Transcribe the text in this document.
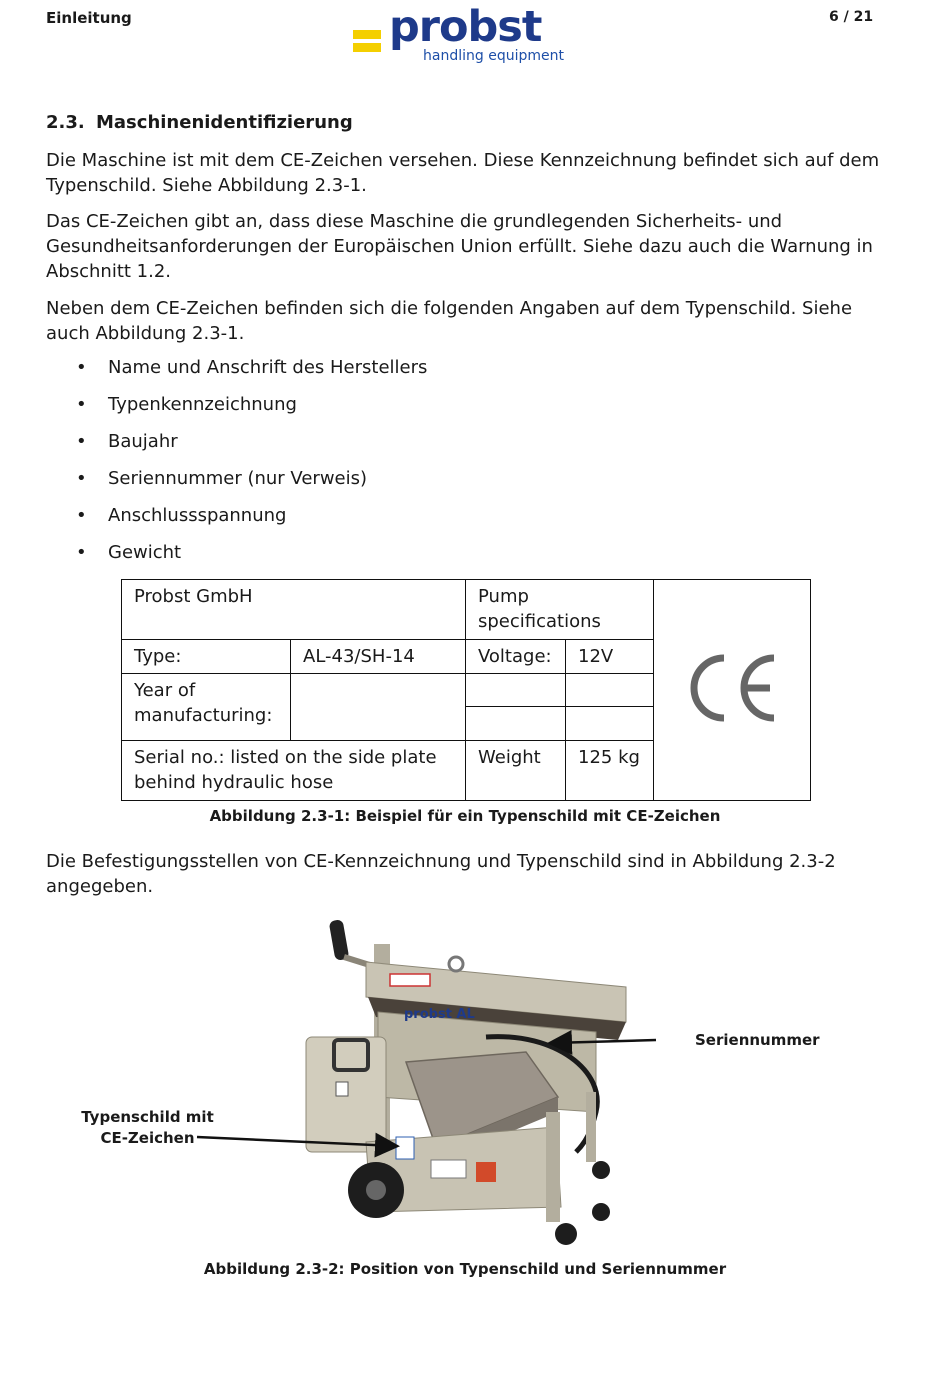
Einleitung	probst
handling equipment
6 / 21
2.3. Maschinenidentifizierung
Die Maschine ist mit dem CE-Zeichen versehen. Diese Kennzeichnung befindet sich auf dem Typenschild. Siehe Abbildung 2.3-1.
Das CE-Zeichen gibt an, dass diese Maschine die grundlegenden Sicherheits- und Gesundheitsanforderungen der Europäischen Union erfüllt. Siehe dazu auch die Warnung in Abschnitt 1.2.
Neben dem CE-Zeichen befinden sich die folgenden Angaben auf dem Typenschild. Siehe auch Abbildung 2.3-1.
•	Name und Anschrift des Herstellers
•	Typenkennzeichnung
•	Baujahr
•	Seriennummer (nur Verweis)
•	Anschlussspannung
•	Gewicht
Probst GmbH		Pump specifications	
Type:	AL-43/SH-14	Voltage:	12V	
Year of manufacturing:				

Serial no.: listed on the side plate behind hydraulic hose		Weight	125 kg	
Abbildung 2.3-1: Beispiel für ein Typenschild mit CE-Zeichen
Die Befestigungsstellen von CE-Kennzeichnung und Typenschild sind in Abbildung 2.3-2 angegeben.
probst AL
Seriennummer
Typenschild mit CE-Zeichen
Abbildung 2.3-2: Position von Typenschild und Seriennummer
